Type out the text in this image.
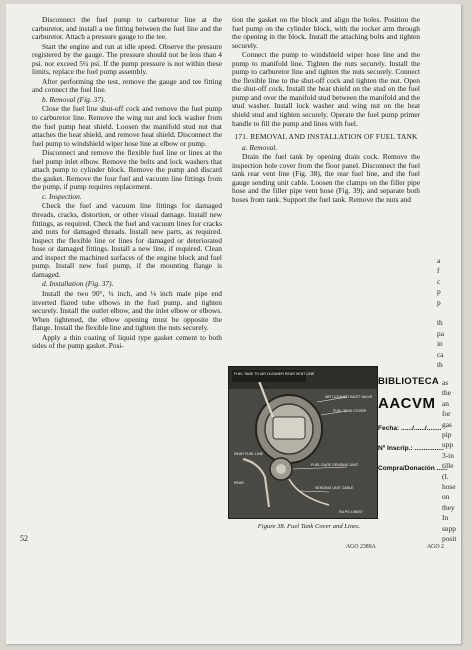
Disconnect the fuel pump to carburetor line at the carburetor, and install a tee fitting between the fuel line and the carburetor. Attach a pressure gauge to the tee.

Start the engine and run at idle speed. Observe the pressure registered by the gauge. The pressure should not be less than 4 psi. nor exceed 5¼ psi. If the pump pressure is not within these limits, replace the fuel pump assembly.

After performing the test, remove the gauge and tee fitting and connect the fuel line.

b. Removal (Fig. 37).

Close the fuel line shut-off cock and remove the fuel pump to carburetor line. Remove the wing nut and lock washer from the fuel pump heat shield. Loosen the manifold stud nut that attaches the heat shield, and remove heat shield. Disconnect the fuel pump to windshield wiper hose line at elbow or pump.

Disconnect and remove the flexible fuel line or lines at the fuel pump inlet elbow. Remove the bolts and lock washers that attach pump to cylinder block. Remove the pump and discard the gasket. Remove the four fuel and vacuum line fittings from the pump, if pump requires replacement.

c. Inspection.

Check the fuel and vacuum line fittings for damaged threads, cracks, distortion, or other visual damage. Install new fittings, as required. Check the fuel and vacuum lines for cracks and nuts for damaged threads. Install new parts, as required. Inspect the flexible line or lines for damaged or deteriorated hose or damaged fittings. Install a new line, if required. Clean and inspect the machined surfaces of the engine block and fuel pump. Install new fuel pump, if the mounting flange is damaged.

d. Installation (Fig. 37).

Install the two 90°, ¼ inch, and ⅛ inch male pipe end inverted flared tube elbows in the fuel pump, and tighten securely. Install the outlet elbow, and the inlet elbow or elbows. When tightened, the elbow opening must be opposite the flange. Install the flexible line and tighten the nuts securely.

Apply a thin coating of liquid type gasket cement to both sides of the pump gasket. Posi-

tion the gasket on the block and align the holes. Position the fuel pump on the cylinder block, with the rocker arm through the opening in the block. Install the attaching bolts and tighten securely.

Connect the pump to windshield wiper hose line and the pump to manifold line. Tighten the nuts securely. Install the pump to carburetor line and tighten the nuts securely. Connect the flexible line to the shut-off cock and tighten the nut. Open the shut-off cock. Install the heat shield on the stud on the fuel pump and over the manifold stud between the manifold and the stud washer. Install lock washer and wing nut on the heat shield stud and tighten securely. Operate the fuel pump primer handle to fill the pump and lines with fuel.

171. REMOVAL AND INSTALLATION OF FUEL TANK

a. Removal.

Drain the fuel tank by opening drain cock. Remove the inspection hole cover from the floor panel. Disconnect the fuel tank rear vent line (Fig. 38), the rear fuel line, and the fuel gauge sending unit cable. Loosen the clamps on the filler pipe hose and the filler pipe vent hose (Fig. 39), and separate both hoses from tank. Support the fuel tank. Remove the nuts and

FUEL TANK TO AIR CLEANER REAR VENT LINE
AIR CLEANER INLET VALVE
FUEL TANK COVER
REAR FUEL LINE
FUEL GAGE SENDING UNIT
REAR
SENDING UNIT CABLE
RA PD 198047
Figure 38. Fuel Tank Cover and Lines.
AGO 2389A
52
BIBLIOTECA
AACVM
Fecha: ....../....../........
Nº Inscrip.: ................
Compra/Donación ......
a
f
c
p
p

th
pa
in
ca
th
as
the
an
for
gas
pip
upp
3-in
tille
(I.
hose
on
they
In
supp
posit
AGO 2
